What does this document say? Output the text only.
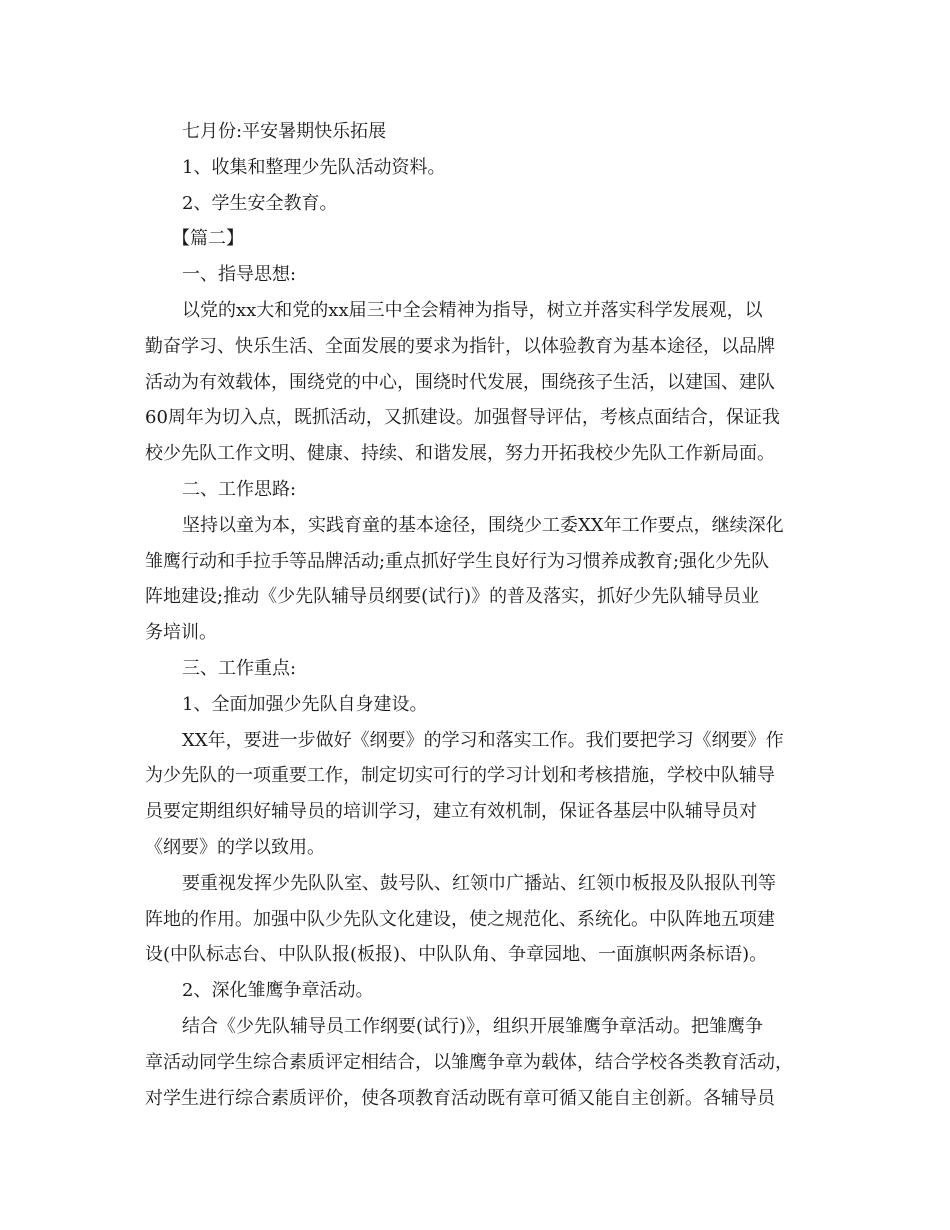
七月份:平安暑期快乐拓展
1、收集和整理少先队活动资料。
2、学生安全教育。
【篇二】
一、指导思想:
以党的xx大和党的xx届三中全会精神为指导，树立并落实科学发展观，以
勤奋学习、快乐生活、全面发展的要求为指针，以体验教育为基本途径，以品牌
活动为有效载体，围绕党的中心，围绕时代发展，围绕孩子生活，以建国、建队
60周年为切入点，既抓活动，又抓建设。加强督导评估，考核点面结合，保证我
校少先队工作文明、健康、持续、和谐发展，努力开拓我校少先队工作新局面。
二、工作思路:
坚持以童为本，实践育童的基本途径，围绕少工委XX年工作要点，继续深化
雏鹰行动和手拉手等品牌活动;重点抓好学生良好行为习惯养成教育;强化少先队
阵地建设;推动《少先队辅导员纲要(试行)》的普及落实，抓好少先队辅导员业
务培训。
三、工作重点:
1、全面加强少先队自身建设。
XX年，要进一步做好《纲要》的学习和落实工作。我们要把学习《纲要》作
为少先队的一项重要工作，制定切实可行的学习计划和考核措施，学校中队辅导
员要定期组织好辅导员的培训学习，建立有效机制，保证各基层中队辅导员对
《纲要》的学以致用。
要重视发挥少先队队室、鼓号队、红领巾广播站、红领巾板报及队报队刊等
阵地的作用。加强中队少先队文化建设，使之规范化、系统化。中队阵地五项建
设(中队标志台、中队队报(板报)、中队队角、争章园地、一面旗帜两条标语)。
2、深化雏鹰争章活动。
结合《少先队辅导员工作纲要(试行)》，组织开展雏鹰争章活动。把雏鹰争
章活动同学生综合素质评定相结合，以雏鹰争章为载体，结合学校各类教育活动，
对学生进行综合素质评价，使各项教育活动既有章可循又能自主创新。各辅导员
